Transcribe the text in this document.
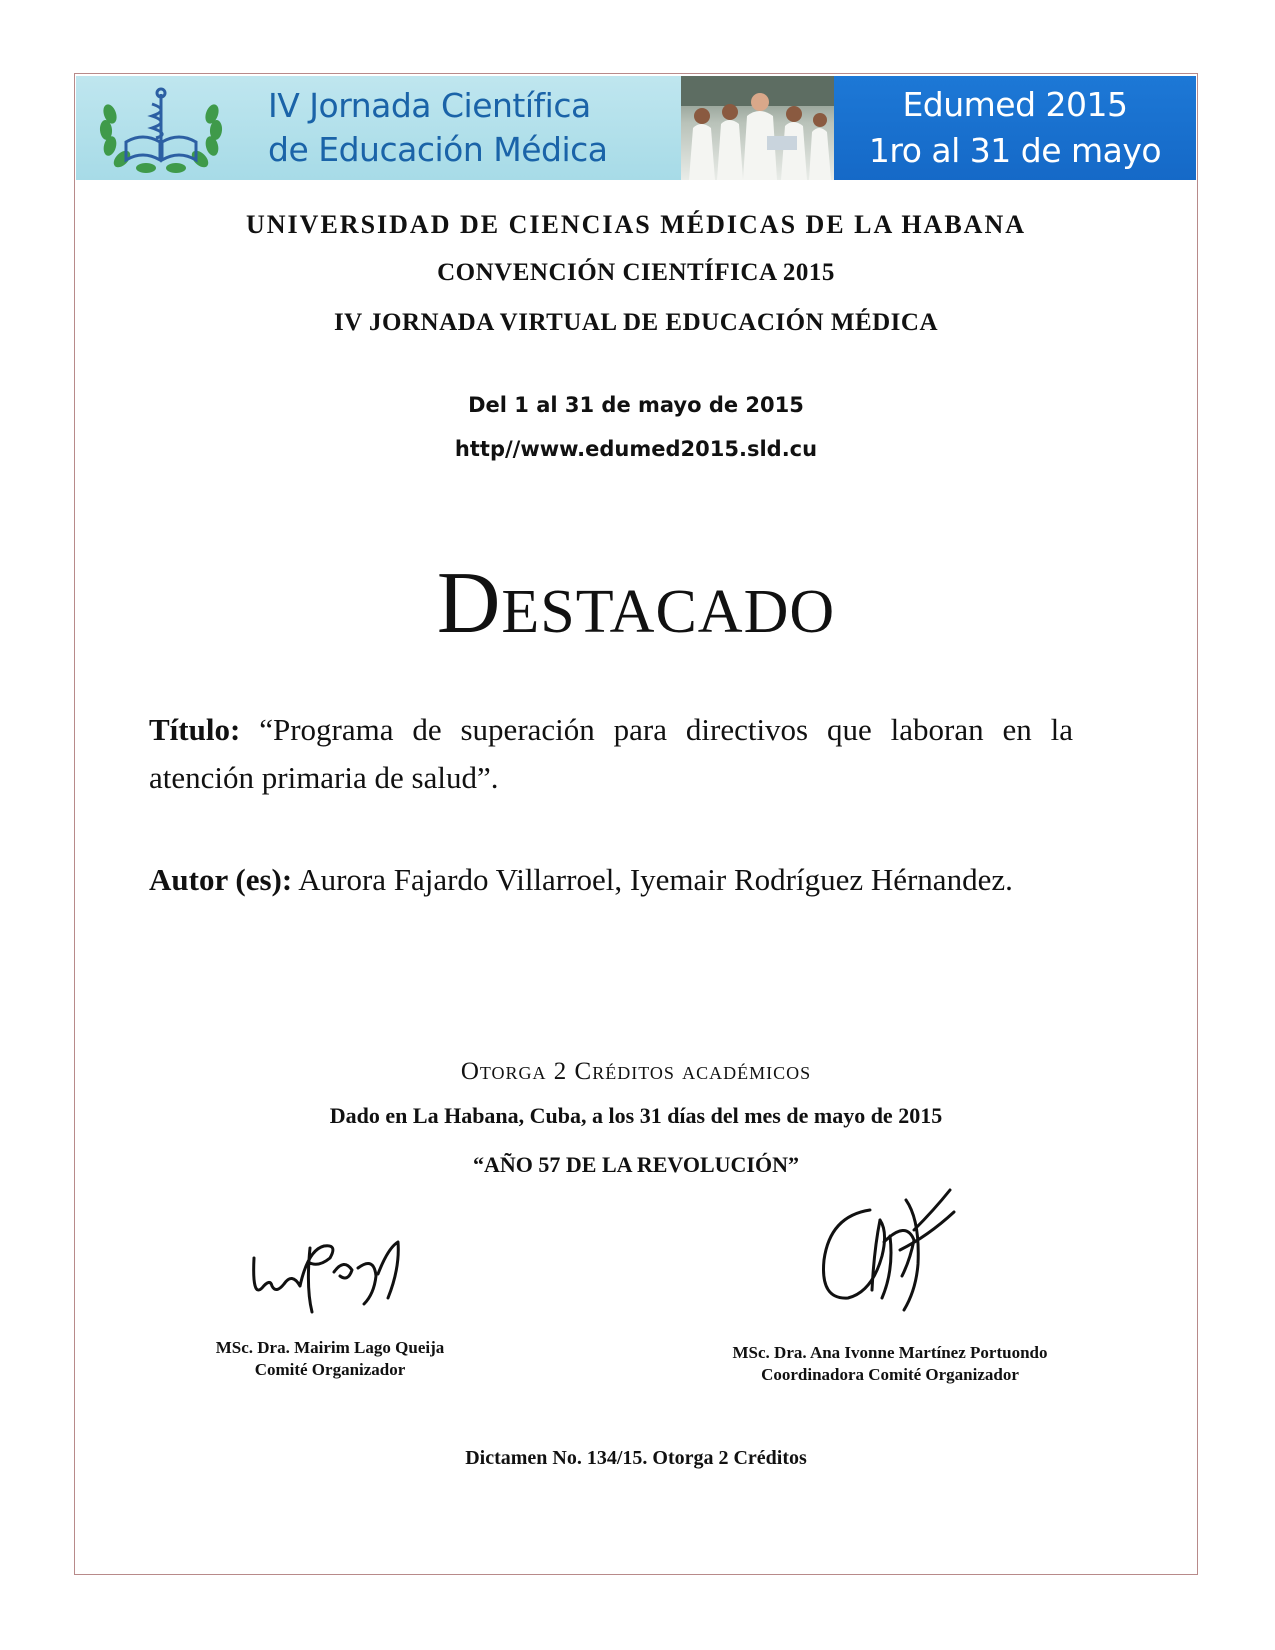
IV Jornada Científica
de Educación Médica
Edumed 2015
1ro al 31 de mayo
UNIVERSIDAD DE CIENCIAS MÉDICAS DE LA HABANA
CONVENCIÓN CIENTÍFICA 2015
IV JORNADA VIRTUAL DE EDUCACIÓN MÉDICA
Del 1 al 31 de mayo de 2015
http//www.edumed2015.sld.cu
Destacado
Título: “Programa de superación para directivos que laboran en la atención primaria de salud”.
Autor (es): Aurora Fajardo Villarroel, Iyemair Rodríguez Hérnandez.
Otorga 2 Créditos académicos
Dado en La Habana, Cuba, a los 31 días del mes de mayo de 2015
“AÑO 57 DE LA REVOLUCIÓN”
MSc. Dra. Mairim Lago Queija
Comité Organizador
MSc. Dra. Ana Ivonne Martínez Portuondo
Coordinadora Comité Organizador
Dictamen No. 134/15. Otorga 2 Créditos
